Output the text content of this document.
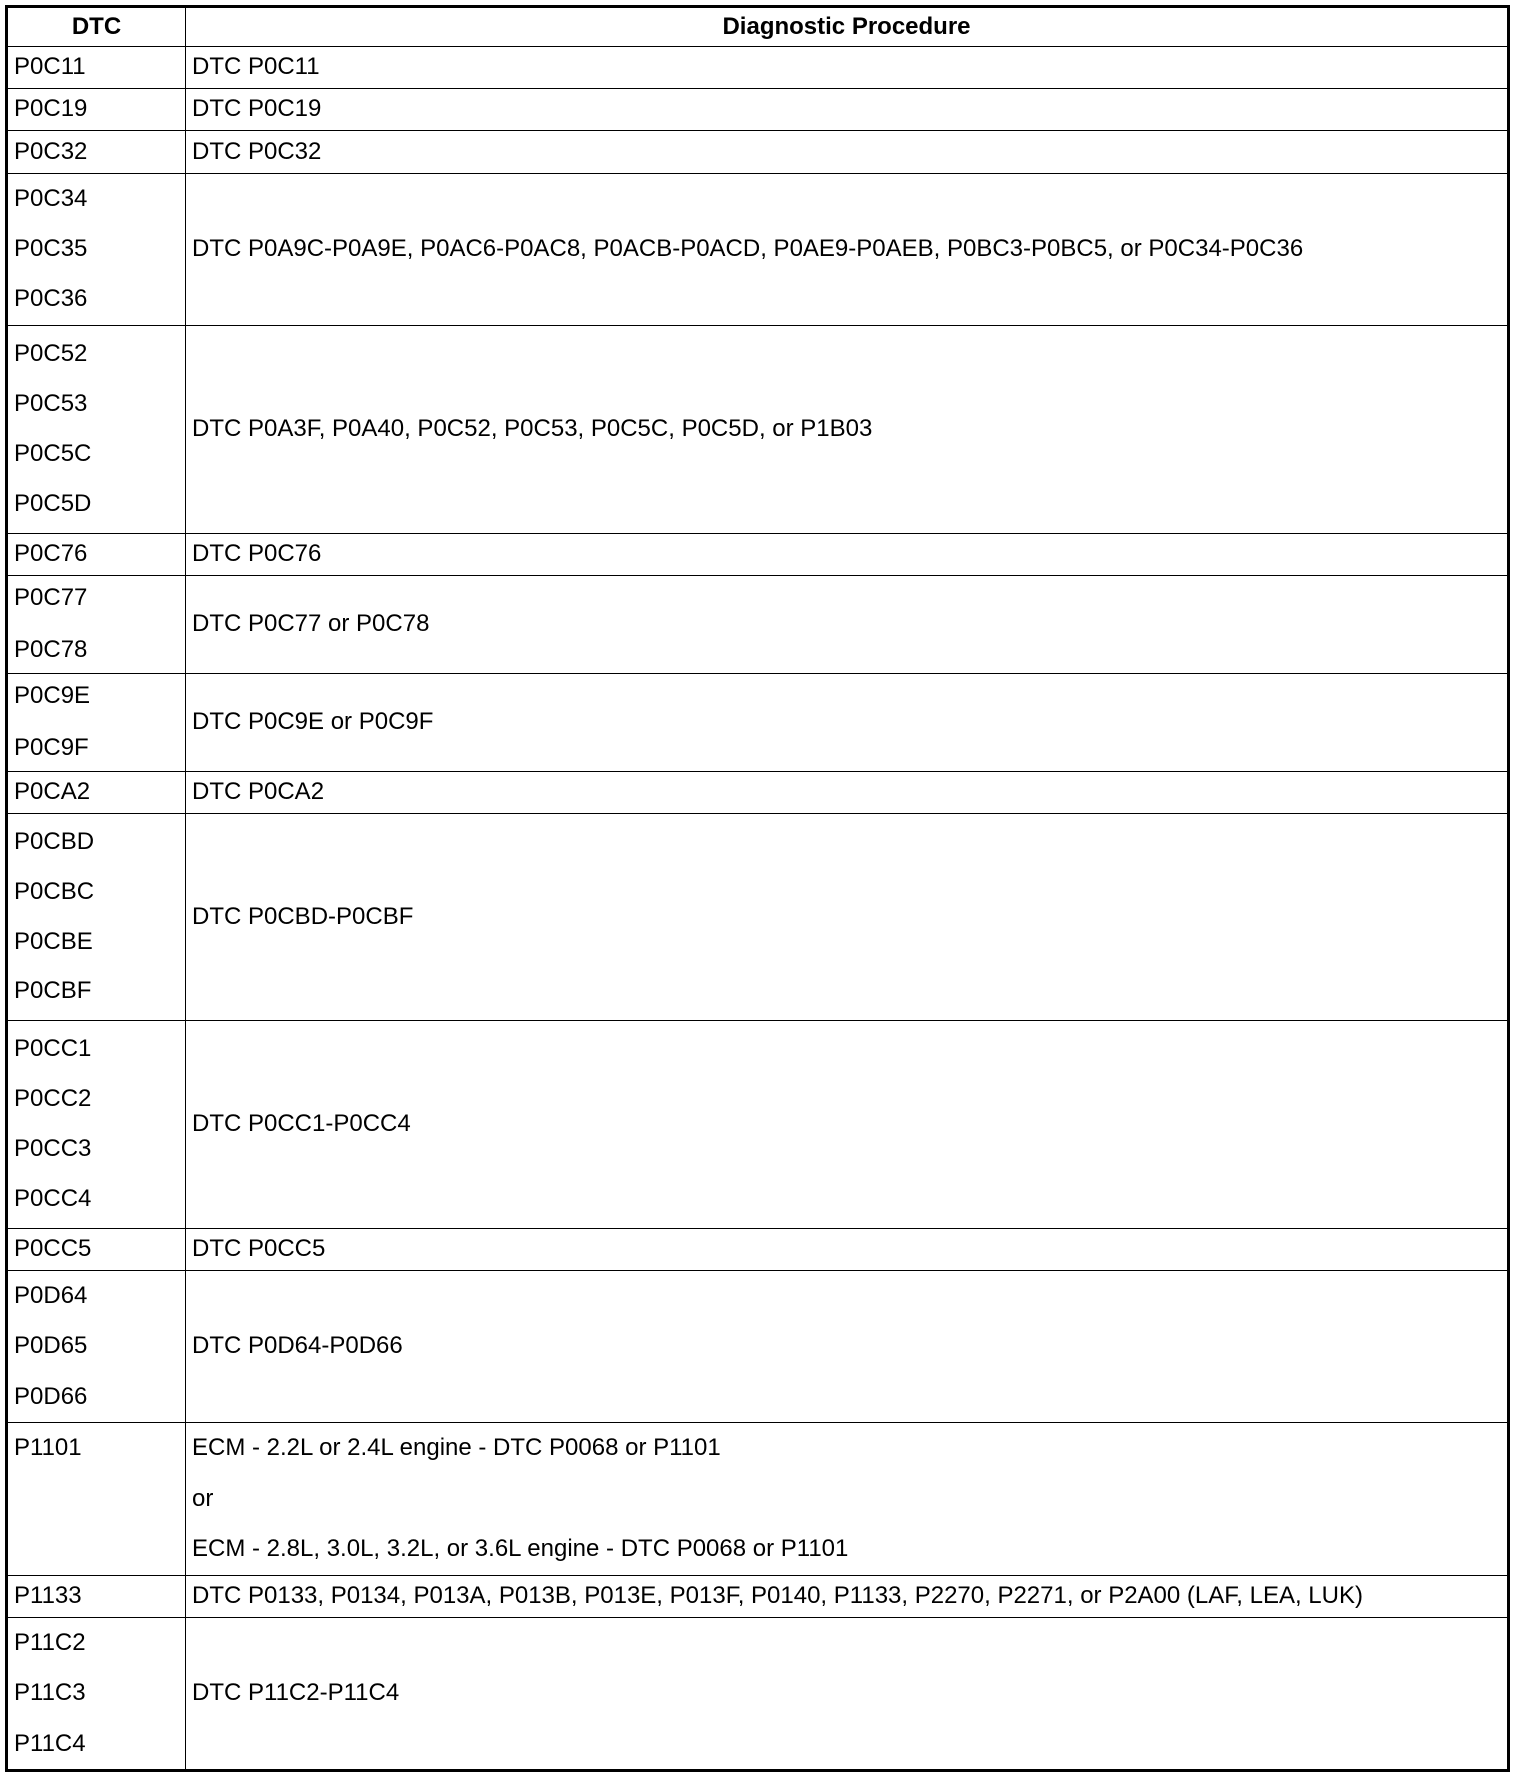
DTC	Diagnostic Procedure

P0C11	DTC P0C11

P0C19	DTC P0C19

P0C32	DTC P0C32

P0C34
P0C35
P0C36	DTC P0A9C-P0A9E, P0AC6-P0AC8, P0ACB-P0ACD, P0AE9-P0AEB, P0BC3-P0BC5, or P0C34-P0C36

P0C52
P0C53
P0C5C
P0C5D	DTC P0A3F, P0A40, P0C52, P0C53, P0C5C, P0C5D, or P1B03

P0C76	DTC P0C76

P0C77
P0C78	DTC P0C77 or P0C78

P0C9E
P0C9F	DTC P0C9E or P0C9F

P0CA2	DTC P0CA2

P0CBD
P0CBC
P0CBE
P0CBF	DTC P0CBD-P0CBF

P0CC1
P0CC2
P0CC3
P0CC4	DTC P0CC1-P0CC4

P0CC5	DTC P0CC5

P0D64
P0D65
P0D66	DTC P0D64-P0D66

P1101	ECM - 2.2L or 2.4L engine - DTC P0068 or P1101
or
ECM - 2.8L, 3.0L, 3.2L, or 3.6L engine - DTC P0068 or P1101

P1133	DTC P0133, P0134, P013A, P013B, P013E, P013F, P0140, P1133, P2270, P2271, or P2A00 (LAF, LEA, LUK)

P11C2
P11C3
P11C4	DTC P11C2-P11C4
